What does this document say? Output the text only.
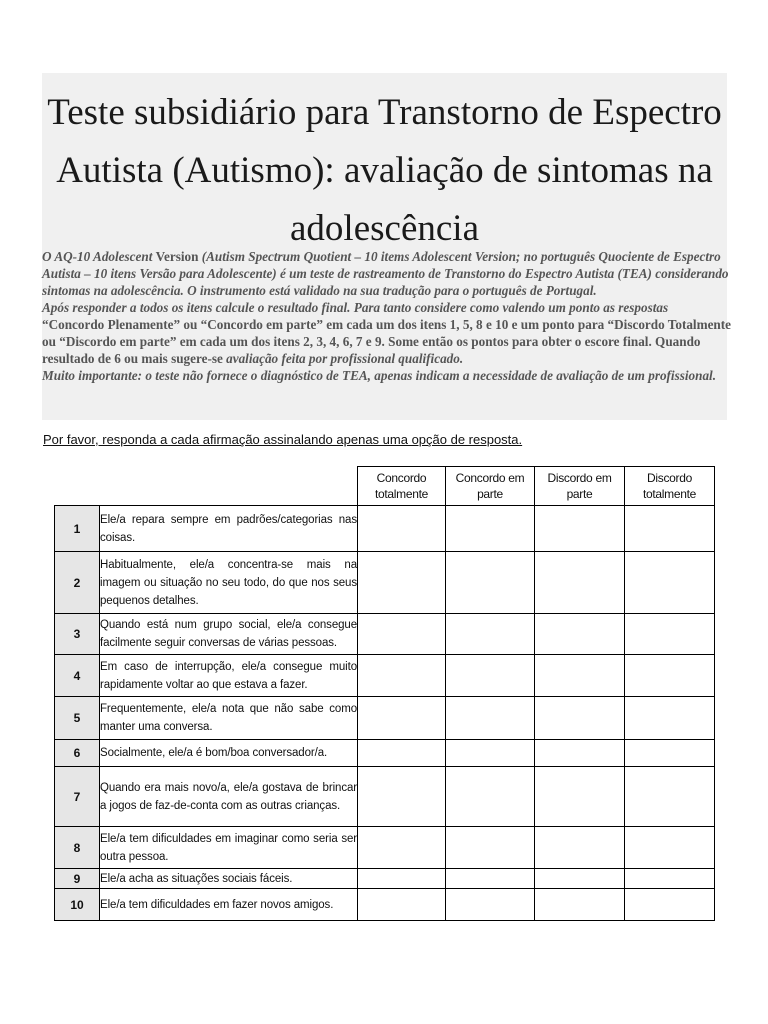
Teste subsidiário para Transtorno de Espectro Autista (Autismo): avaliação de sintomas na adolescência

O AQ-10 Adolescent Version (Autism Spectrum Quotient – 10 items Adolescent Version; no português Quociente de Espectro Autista – 10 itens Versão para Adolescente) é um teste de rastreamento de Transtorno do Espectro Autista (TEA) considerando sintomas na adolescência. O instrumento está validado na sua tradução para o português de Portugal.

Após responder a todos os itens calcule o resultado final. Para tanto considere como valendo um ponto as respostas “Concordo Plenamente” ou “Concordo em parte” em cada um dos itens 1, 5, 8 e 10 e um ponto para “Discordo Totalmente ou “Discordo em parte” em cada um dos itens 2, 3, 4, 6, 7 e 9. Some então os pontos para obter o escore final. Quando resultado de 6 ou mais sugere-se avaliação feita por profissional qualificado.

Muito importante: o teste não fornece o diagnóstico de TEA, apenas indicam a necessidade de avaliação de um profissional.

Por favor, responda a cada afirmação assinalando apenas uma opção de resposta.

		Concordo totalmente	Concordo em parte	Discordo em parte	Discordo totalmente
1	Ele/a repara sempre em padrões/categorias nas coisas.				
2	Habitualmente, ele/a concentra-se mais na imagem ou situação no seu todo, do que nos seus pequenos detalhes.				
3	Quando está num grupo social, ele/a consegue facilmente seguir conversas de várias pessoas.				
4	Em caso de interrupção, ele/a consegue muito rapidamente voltar ao que estava a fazer.				
5	Frequentemente, ele/a nota que não sabe como manter uma conversa.				
6	Socialmente, ele/a é bom/boa conversador/a.				
7	Quando era mais novo/a, ele/a gostava de brincar a jogos de faz-de-conta com as outras crianças.				
8	Ele/a tem dificuldades em imaginar como seria ser outra pessoa.				
9	Ele/a acha as situações sociais fáceis.				
10	Ele/a tem dificuldades em fazer novos amigos.				
